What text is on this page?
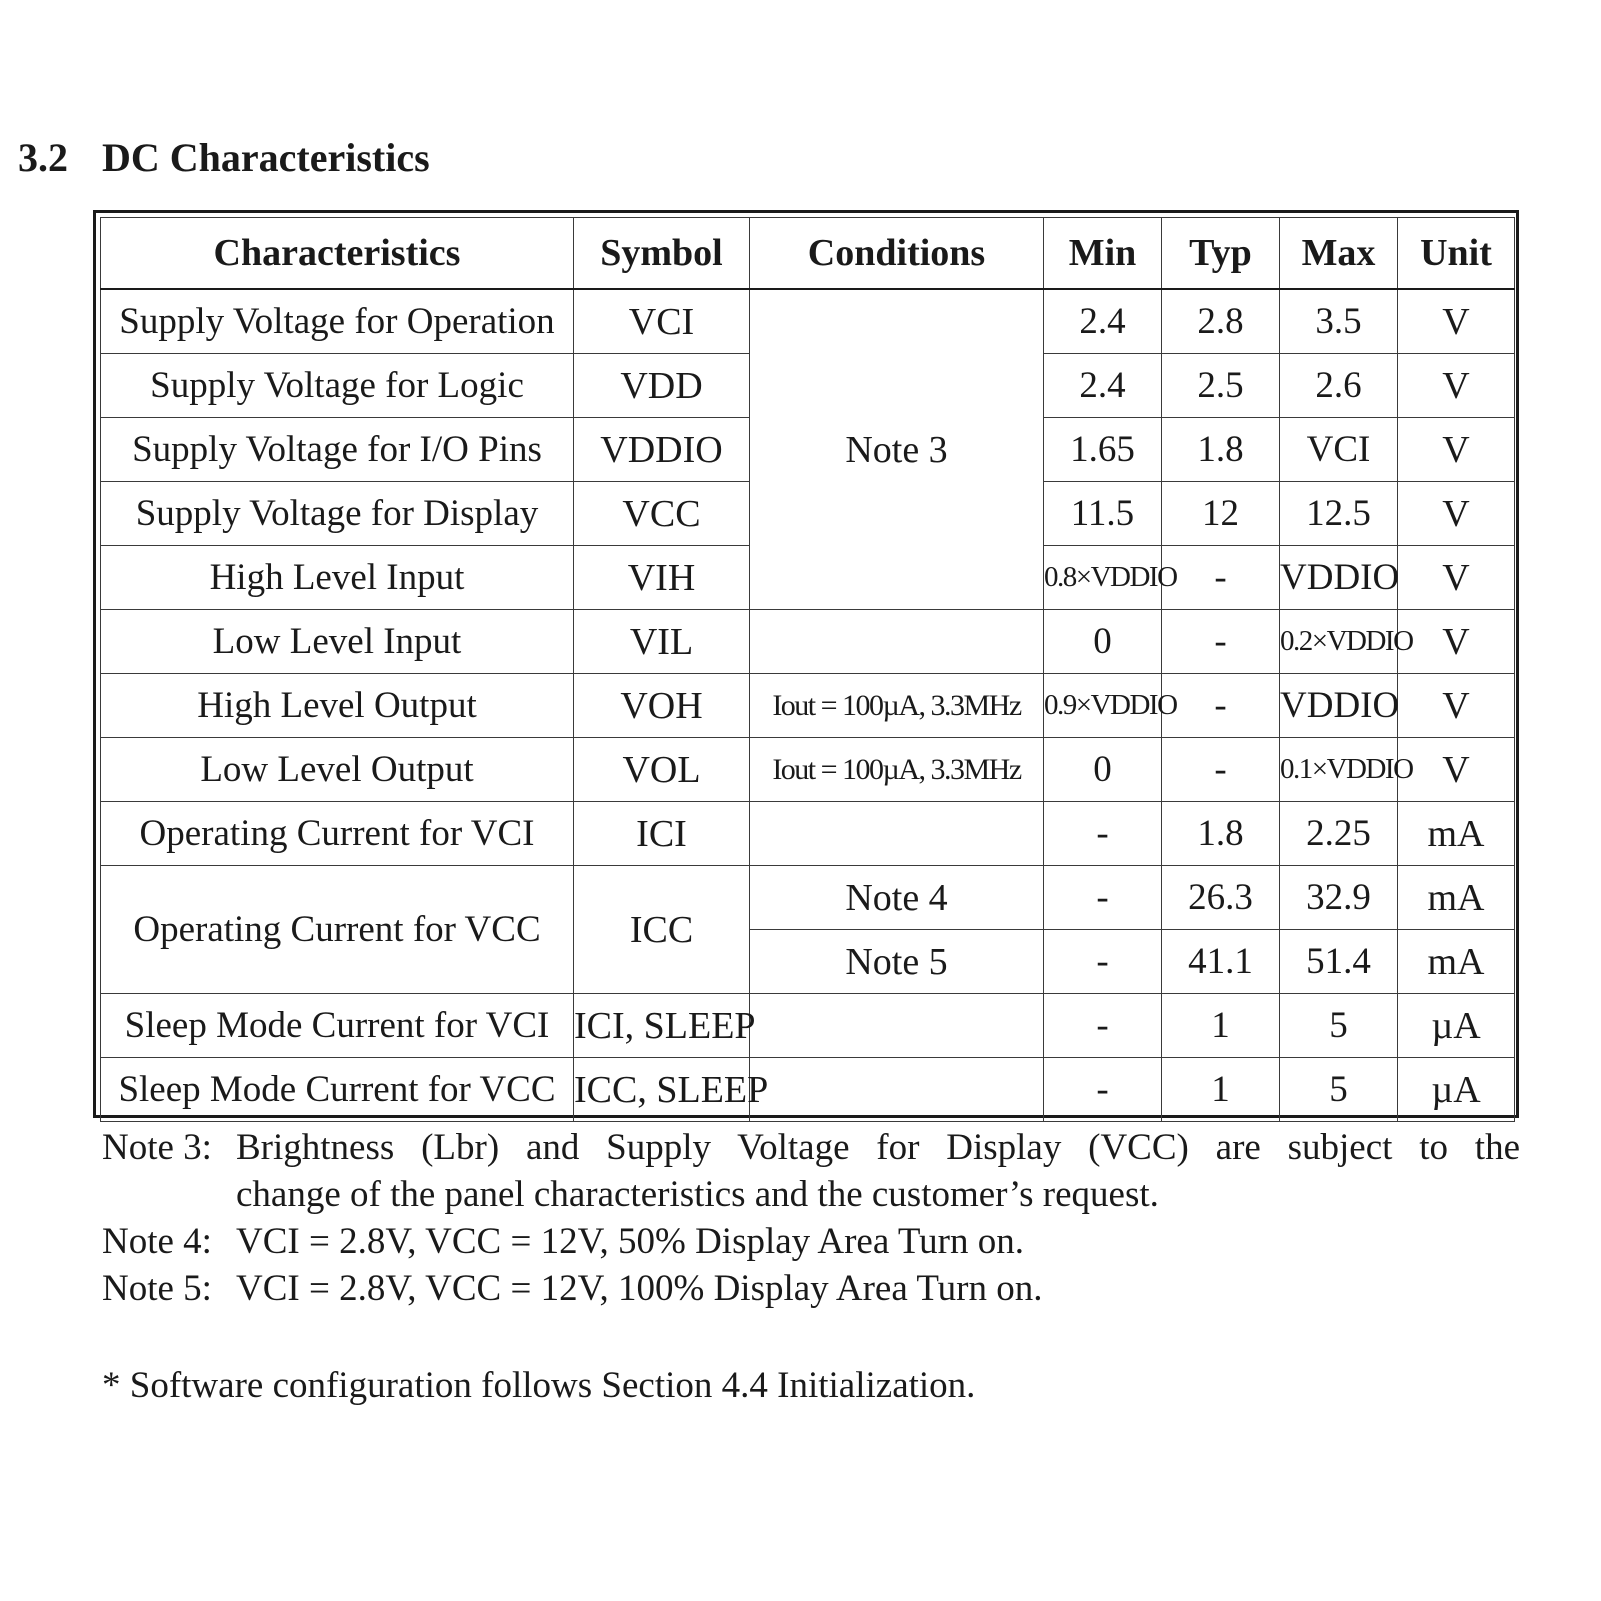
3.2 DC Characteristics
Characteristics	Symbol	Conditions	Min	Typ	Max	Unit
Supply Voltage for Operation	VCI	Note 3	2.4	2.8	3.5	V
Supply Voltage for Logic	VDD		2.4	2.5	2.6	V
Supply Voltage for I/O Pins	VDDIO		1.65	1.8	VCI	V
Supply Voltage for Display	VCC		11.5	12	12.5	V
High Level Input	VIH		0.8×VDDIO	-	VDDIO	V
Low Level Input	VIL		0	-	0.2×VDDIO	V
High Level Output	VOH	Iout = 100µA, 3.3MHz	0.9×VDDIO	-	VDDIO	V
Low Level Output	VOL	Iout = 100µA, 3.3MHz	0	-	0.1×VDDIO	V
Operating Current for VCI	ICI		-	1.8	2.25	mA
Operating Current for VCC	ICC	Note 4	-	26.3	32.9	mA
		Note 5	-	41.1	51.4	mA
Sleep Mode Current for VCI	ICI, SLEEP		-	1	5	µA
Sleep Mode Current for VCC	ICC, SLEEP		-	1	5	µA
Note 3: Brightness (Lbr) and Supply Voltage for Display (VCC) are subject to the
change of the panel characteristics and the customer’s request.
Note 4: VCI = 2.8V, VCC = 12V, 50% Display Area Turn on.
Note 5: VCI = 2.8V, VCC = 12V, 100% Display Area Turn on.
* Software configuration follows Section 4.4 Initialization.
